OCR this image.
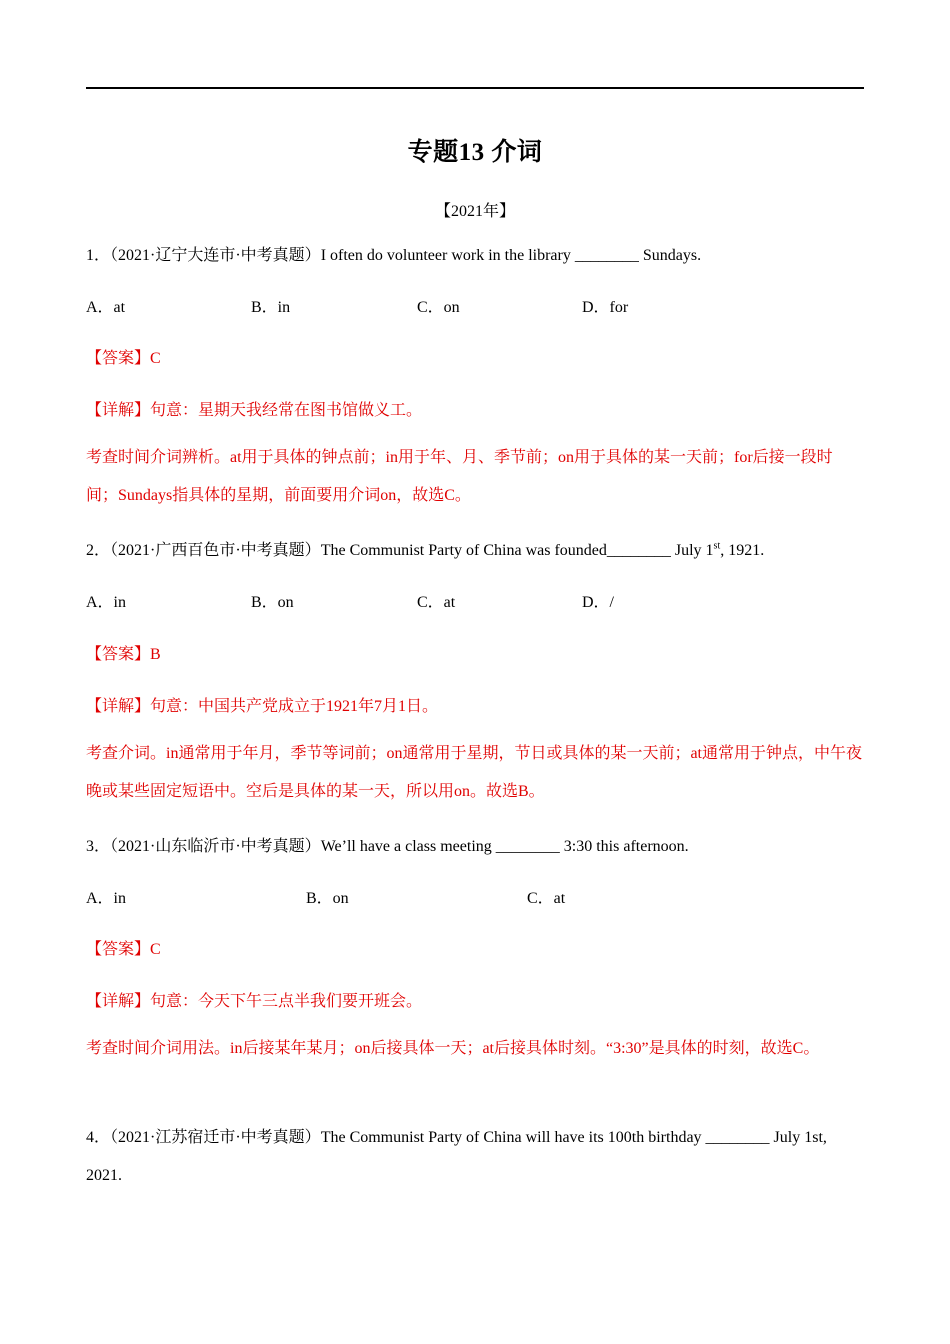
专题13 介词
【2021年】
1．（2021·辽宁大连市·中考真题）I often do volunteer work in the library ________ Sundays.
A．at	B．in	C．on	D．for
【答案】C
【详解】句意：星期天我经常在图书馆做义工。
考查时间介词辨析。at用于具体的钟点前；in用于年、月、季节前；on用于具体的某一天前；for后接一段时间；Sundays指具体的星期，前面要用介词on，故选C。
2．（2021·广西百色市·中考真题）The Communist Party of China was founded________ July 1st, 1921.
A．in	B．on	C．at	D．/
【答案】B
【详解】句意：中国共产党成立于1921年7月1日。
考查介词。in通常用于年月，季节等词前；on通常用于星期，节日或具体的某一天前；at通常用于钟点，中午夜晚或某些固定短语中。空后是具体的某一天，所以用on。故选B。
3．（2021·山东临沂市·中考真题）We’ll have a class meeting ________ 3:30 this afternoon.
A．in	B．on	C．at
【答案】C
【详解】句意：今天下午三点半我们要开班会。
考查时间介词用法。in后接某年某月；on后接具体一天；at后接具体时刻。“3:30”是具体的时刻，故选C。
4．（2021·江苏宿迁市·中考真题）The Communist Party of China will have its 100th birthday ________ July 1st, 2021.
